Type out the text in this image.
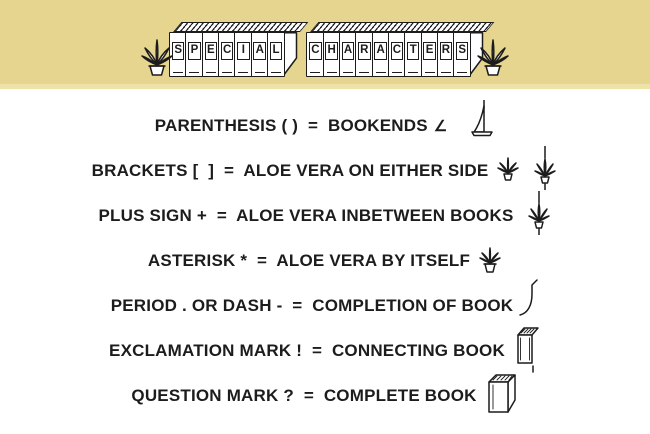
S P E C I A L	C H A R A C T E R S
PARENTHESIS ( )  =  BOOKENDS ∠
BRACKETS [  ]  =  ALOE VERA ON EITHER SIDE
PLUS SIGN +  =  ALOE VERA INBETWEEN BOOKS
ASTERISK *  =  ALOE VERA BY ITSELF
PERIOD . OR DASH -  =  COMPLETION OF BOOK
EXCLAMATION MARK !  =  CONNECTING BOOK
QUESTION MARK ?  =  COMPLETE BOOK
